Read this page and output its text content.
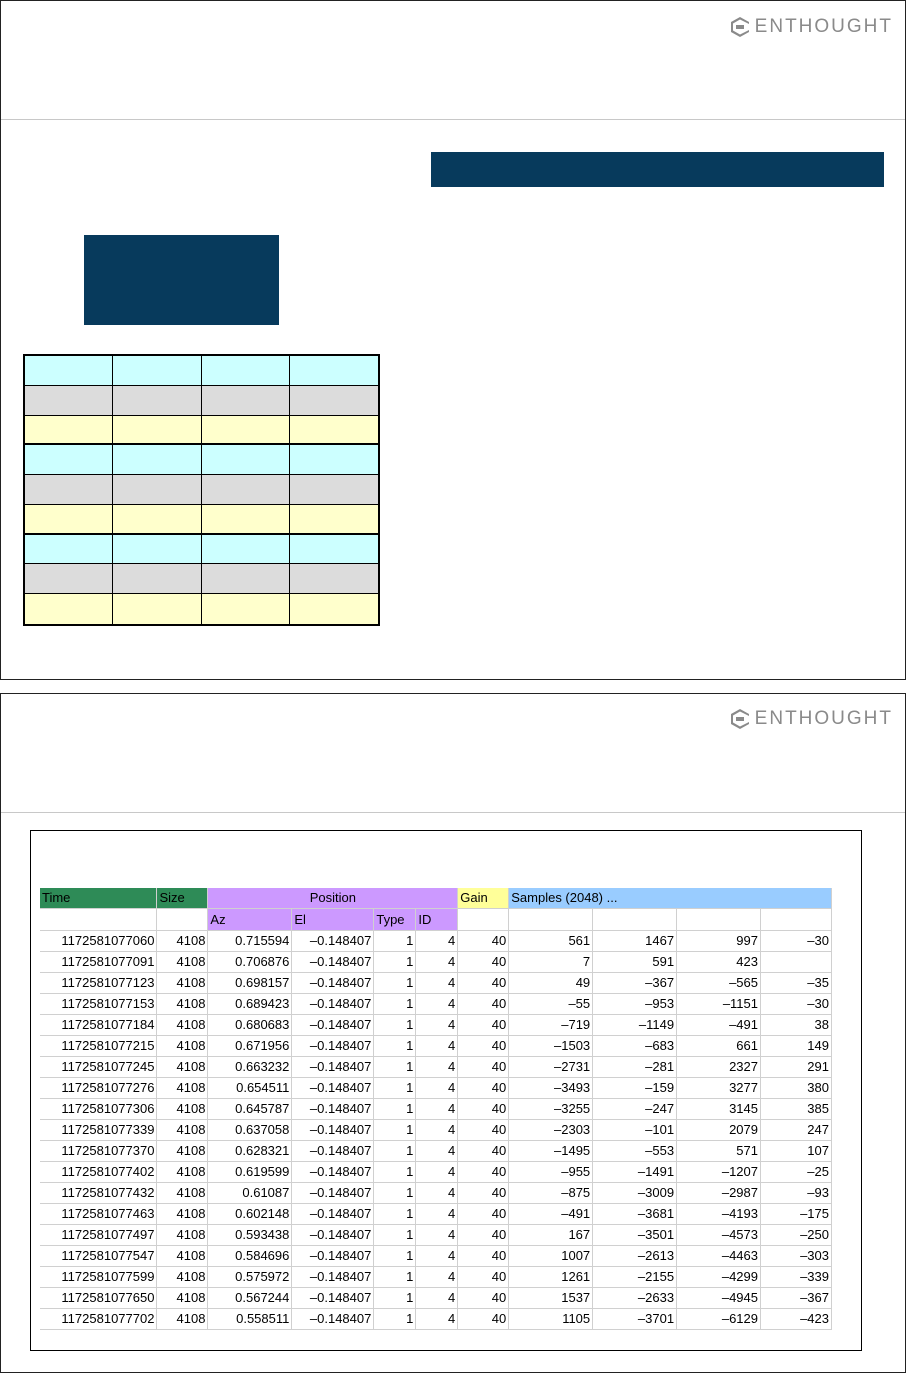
ENTHOUGHT
ENTHOUGHT
Time	Size	Position				Gain	Samples (2048) ...			
		Az	El	Type	ID					
1172581077060	4108	0.715594	–0.148407	1	4	40	561	1467	997	–30
1172581077091	4108	0.706876	–0.148407	1	4	40	7	591	423	
1172581077123	4108	0.698157	–0.148407	1	4	40	49	–367	–565	–35
1172581077153	4108	0.689423	–0.148407	1	4	40	–55	–953	–1151	–30
1172581077184	4108	0.680683	–0.148407	1	4	40	–719	–1149	–491	38
1172581077215	4108	0.671956	–0.148407	1	4	40	–1503	–683	661	149
1172581077245	4108	0.663232	–0.148407	1	4	40	–2731	–281	2327	291
1172581077276	4108	0.654511	–0.148407	1	4	40	–3493	–159	3277	380
1172581077306	4108	0.645787	–0.148407	1	4	40	–3255	–247	3145	385
1172581077339	4108	0.637058	–0.148407	1	4	40	–2303	–101	2079	247
1172581077370	4108	0.628321	–0.148407	1	4	40	–1495	–553	571	107
1172581077402	4108	0.619599	–0.148407	1	4	40	–955	–1491	–1207	–25
1172581077432	4108	0.61087	–0.148407	1	4	40	–875	–3009	–2987	–93
1172581077463	4108	0.602148	–0.148407	1	4	40	–491	–3681	–4193	–175
1172581077497	4108	0.593438	–0.148407	1	4	40	167	–3501	–4573	–250
1172581077547	4108	0.584696	–0.148407	1	4	40	1007	–2613	–4463	–303
1172581077599	4108	0.575972	–0.148407	1	4	40	1261	–2155	–4299	–339
1172581077650	4108	0.567244	–0.148407	1	4	40	1537	–2633	–4945	–367
1172581077702	4108	0.558511	–0.148407	1	4	40	1105	–3701	–6129	–423
